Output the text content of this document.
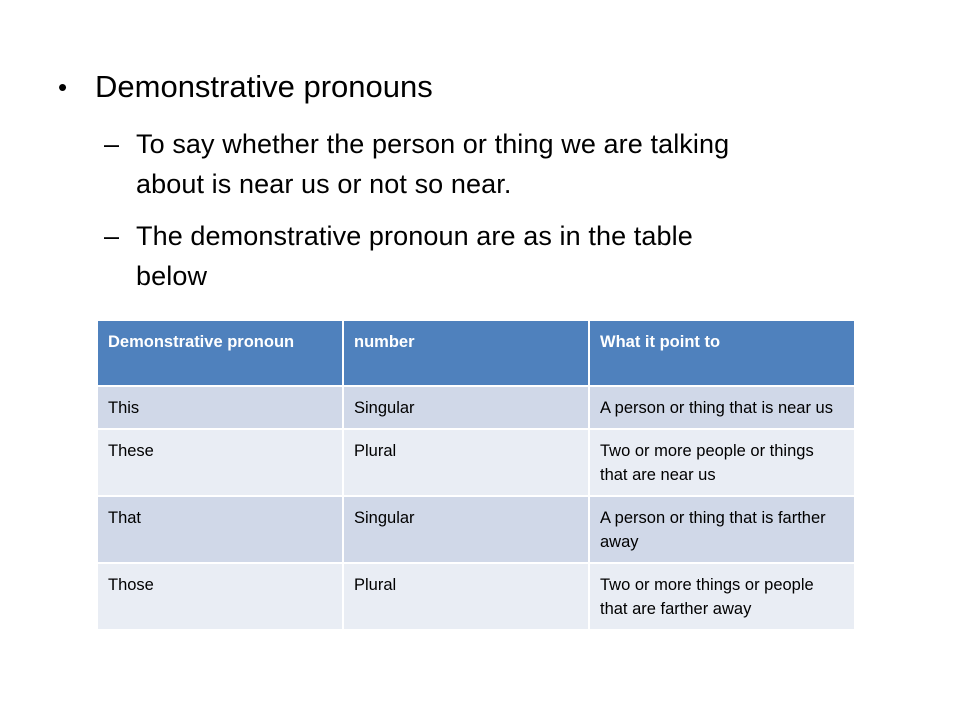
• Demonstrative pronouns
– To say whether the person or thing we are talking
about is near us or not so near.
– The demonstrative pronoun are as in the table
below
Demonstrative pronoun	number	What it point to
This	Singular	A person or thing that is near us
These	Plural	Two or more people or things that are near us
That	Singular	A person or thing that is farther away
Those	Plural	Two or more things or people that are farther away
